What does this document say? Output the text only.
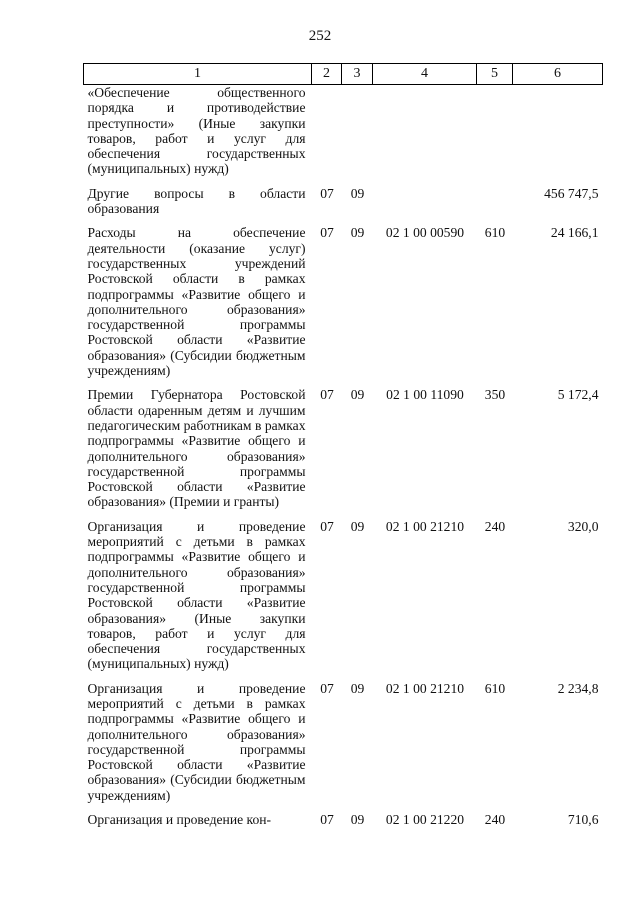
252
1	2	3	4	5	6
«Обеспечение общественного порядка и противодействие преступности» (Иные закупки товаров, работ и услуг для обеспечения государственных (муниципальных) нужд)					
Другие вопросы в области образования	07	09			456 747,5
Расходы на обеспечение деятельности (оказание услуг) государственных учреждений Ростовской области в рамках подпрограммы «Развитие общего и дополнительного образования» государственной программы Ростовской области «Развитие образования» (Субсидии бюджетным учреждениям)	07	09	02 1 00 00590	610	24 166,1
Премии Губернатора Ростовской области одаренным детям и лучшим педагогическим работникам в рамках подпрограммы «Развитие общего и дополнительного образования» государственной программы Ростовской области «Развитие образования» (Премии и гранты)	07	09	02 1 00 11090	350	5 172,4
Организация и проведение мероприятий с детьми в рамках подпрограммы «Развитие общего и дополнительного образования» государственной программы Ростовской области «Развитие образования» (Иные закупки товаров, работ и услуг для обеспечения государственных (муниципальных) нужд)	07	09	02 1 00 21210	240	320,0
Организация и проведение мероприятий с детьми в рамках подпрограммы «Развитие общего и дополнительного образования» государственной программы Ростовской области «Развитие образования» (Субсидии бюджетным учреждениям)	07	09	02 1 00 21210	610	2 234,8
Организация и проведение кон-	07	09	02 1 00 21220	240	710,6
